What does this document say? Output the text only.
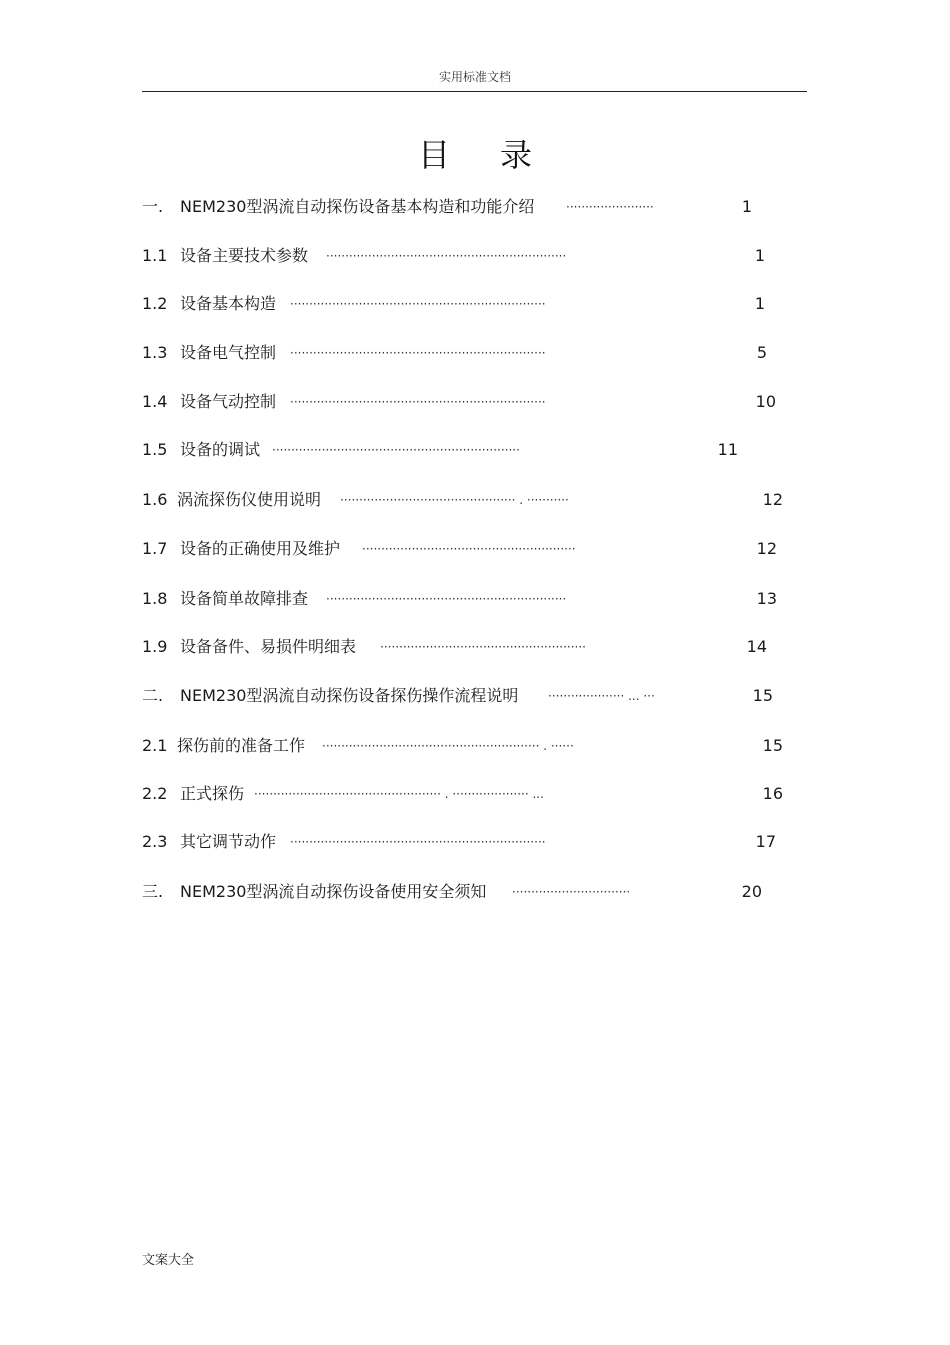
实用标准文档
目录
一. NEM230型涡流自动探伤设备基本构造和功能介绍	·······················	1
1.1 设备主要技术参数 ·······························································	1
1.2 设备基本构造 ···································································	1
1.3 设备电气控制 ···································································	5
1.4 设备气动控制 ···································································	10
1.5 设备的调试 ·································································	11
1.6 涡流探伤仪使用说明 ·············································· . ···········	12
1.7 设备的正确使用及维护 ························································	12
1.8 设备简单故障排查 ·······························································	13
1.9 设备备件、易损件明细表 ······················································	14
二. NEM230型涡流自动探伤设备探伤操作流程说明 ···················· ... ···	15
2.1 探伤前的准备工作 ························································· . ······	15
2.2 正式探伤 ················································· . ···················· ...	16
2.3 其它调节动作 ···································································	17
三. NEM230型涡流自动探伤设备使用安全须知 ·······························	20
文案大全
